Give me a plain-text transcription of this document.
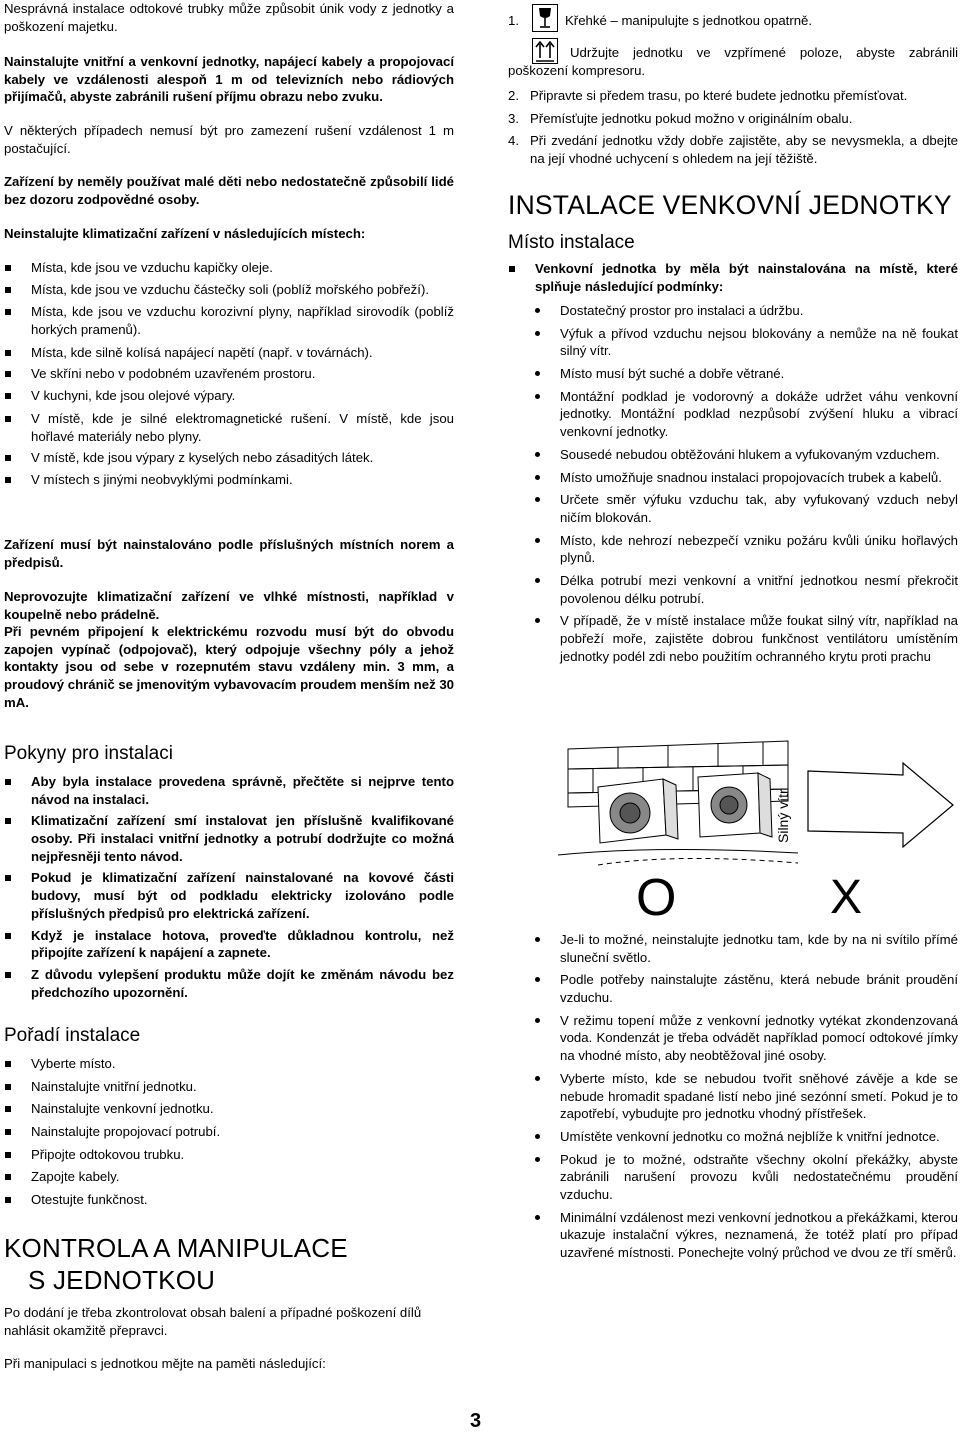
Nesprávná instalace odtokové trubky může způsobit únik vody z jednotky a poškození majetku.

Nainstalujte vnitřní a venkovní jednotky, napájecí kabely a propojovací kabely ve vzdálenosti alespoň 1 m od televizních nebo rádiových přijímačů, abyste zabránili rušení příjmu obrazu nebo zvuku.

V některých případech nemusí být pro zamezení rušení vzdálenost 1 m postačující.

Zařízení by neměly používat malé děti nebo nedostatečně způsobilí lidé bez dozoru zodpovědné osoby.

Neinstalujte klimatizační zařízení v následujících místech:

Místa, kde jsou ve vzduchu kapičky oleje.
Místa, kde jsou ve vzduchu částečky soli (poblíž mořského pobřeží).
Místa, kde jsou ve vzduchu korozivní plyny, například sirovodík (poblíž horkých pramenů).
Místa, kde silně kolísá napájecí napětí (např. v továrnách).
Ve skříni nebo v podobném uzavřeném prostoru.
V kuchyni, kde jsou olejové výpary.
V místě, kde je silné elektromagnetické rušení. V místě, kde jsou hořlavé materiály nebo plyny.
V místě, kde jsou výpary z kyselých nebo zásaditých látek.
V místech s jinými neobvyklými podmínkami.

Zařízení musí být nainstalováno podle příslušných místních norem a předpisů.

Neprovozujte klimatizační zařízení ve vlhké místnosti, například v koupelně nebo prádelně.

Při pevném připojení k elektrickému rozvodu musí být do obvodu zapojen vypínač (odpojovač), který odpojuje všechny póly a jehož kontakty jsou od sebe v rozepnutém stavu vzdáleny min. 3 mm, a proudový chránič se jmenovitým vybavovacím proudem menším než 30 mA.

Pokyny pro instalaci
Aby byla instalace provedena správně, přečtěte si nejprve tento návod na instalaci.
Klimatizační zařízení smí instalovat jen příslušně kvalifikované osoby. Při instalaci vnitřní jednotky a potrubí dodržujte co možná nejpřesněji tento návod.
Pokud je klimatizační zařízení nainstalované na kovové části budovy, musí být od podkladu elektricky izolováno podle příslušných předpisů pro elektrická zařízení.
Když je instalace hotova, proveďte důkladnou kontrolu, než připojíte zařízení k napájení a zapnete.
Z důvodu vylepšení produktu může dojít ke změnám návodu bez předchozího upozornění.
Pořadí instalace
Vyberte místo.
Nainstalujte vnitřní jednotku.
Nainstalujte venkovní jednotku.
Nainstalujte propojovací potrubí.
Připojte odtokovou trubku.
Zapojte kabely.
Otestujte funkčnost.
KONTROLA A MANIPULACE
S JEDNOTKOU

Po dodání je třeba zkontrolovat obsah balení a případné poškození dílů nahlásit okamžitě přepravci.

Při manipulaci s jednotkou mějte na paměti následující:

1.	Křehké – manipulujte s jednotkou opatrně.

Udržujte jednotku ve vzpřímené poloze, abyste zabránili poškození kompresoru.

2. Připravte si předem trasu, po které budete jednotku přemísťovat.
3. Přemísťujte jednotku pokud možno v originálním obalu.
4. Při zvedání jednotku vždy dobře zajistěte, aby se nevysmekla, a dbejte na její vhodné uchycení s ohledem na její těžiště.
INSTALACE VENKOVNÍ JEDNOTKY
Místo instalace
Venkovní jednotka by měla být nainstalována na místě, které splňuje následující podmínky:
Dostatečný prostor pro instalaci a údržbu.
Výfuk a přívod vzduchu nejsou blokovány a nemůže na ně foukat silný vítr.
Místo musí být suché a dobře větrané.
Montážní podklad je vodorovný a dokáže udržet váhu venkovní jednotky. Montážní podklad nezpůsobí zvýšení hluku a vibrací venkovní jednotky.
Sousedé nebudou obtěžováni hlukem a vyfukovaným vzduchem.
Místo umožňuje snadnou instalaci propojovacích trubek a kabelů.
Určete směr výfuku vzduchu tak, aby vyfukovaný vzduch nebyl ničím blokován.
Místo, kde nehrozí nebezpečí vzniku požáru kvůli úniku hořlavých plynů.
Délka potrubí mezi venkovní a vnitřní jednotkou nesmí překročit povolenou délku potrubí.
V případě, že v místě instalace může foukat silný vítr, například na pobřeží moře, zajistěte dobrou funkčnost ventilátoru umístěním jednotky podél zdi nebo použitím ochranného krytu proti prachu
Silný vítr
O	X
Je-li to možné, neinstalujte jednotku tam, kde by na ni svítilo přímé sluneční světlo.
Podle potřeby nainstalujte zástěnu, která nebude bránit proudění vzduchu.
V režimu topení může z venkovní jednotky vytékat zkondenzovaná voda. Kondenzát je třeba odvádět například pomocí odtokové jímky na vhodné místo, aby neobtěžoval jiné osoby.
Vyberte místo, kde se nebudou tvořit sněhové závěje a kde se nebude hromadit spadané listí nebo jiné sezónní smetí. Pokud je to zapotřebí, vybudujte pro jednotku vhodný přístřešek.
Umístěte venkovní jednotku co možná nejblíže k vnitřní jednotce.
Pokud je to možné, odstraňte všechny okolní překážky, abyste zabránili narušení provozu kvůli nedostatečnému proudění vzduchu.
Minimální vzdálenost mezi venkovní jednotkou a překážkami, kterou ukazuje instalační výkres, neznamená, že totéž platí pro případ uzavřené místnosti. Ponechejte volný průchod ve dvou ze tří směrů.
3
